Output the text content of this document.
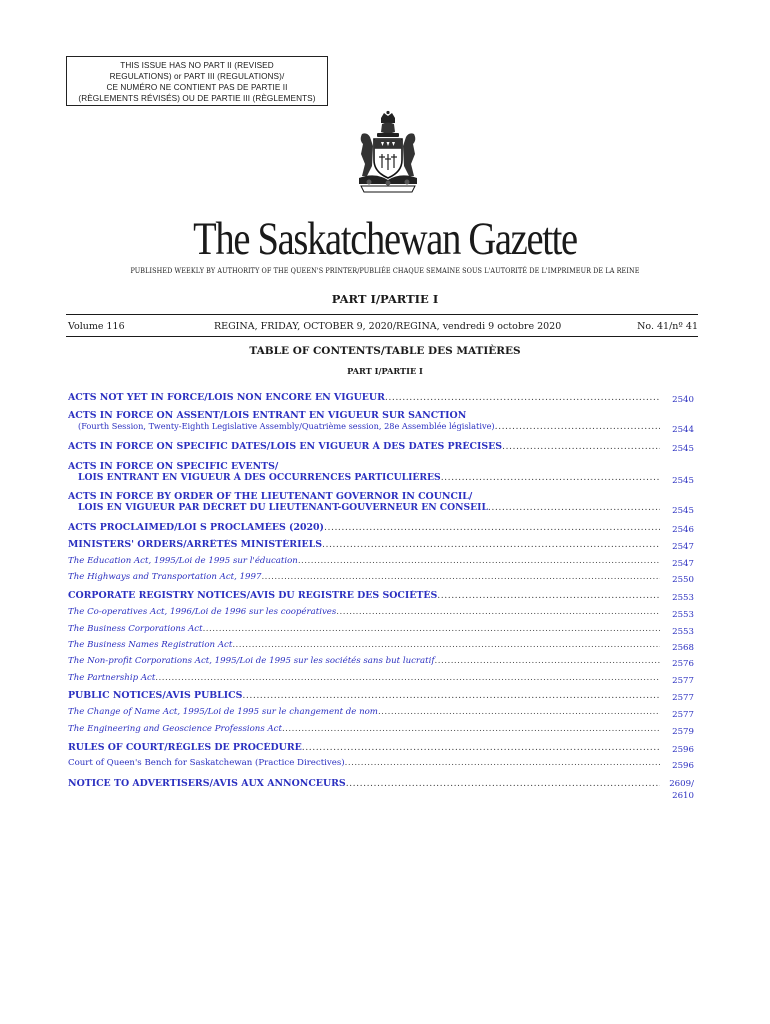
THIS ISSUE HAS NO PART II (REVISED
REGULATIONS) or PART III (REGULATIONS)/
CE NUMÉRO NE CONTIENT PAS DE PARTIE II
(RÈGLEMENTS RÉVISÉS) OU DE PARTIE III (RÈGLEMENTS)
The Saskatchewan Gazette
PUBLISHED WEEKLY BY AUTHORITY OF THE QUEEN'S PRINTER/PUBLIÉE CHAQUE SEMAINE SOUS L'AUTORITÉ DE L'IMPRIMEUR DE LA REINE
PART I/PARTIE I
Volume 116	REGINA, FRIDAY, OCTOBER 9, 2020/REGINA, vendredi 9 octobre 2020	No. 41/nº 41
TABLE OF CONTENTS/TABLE DES MATIÈRES
PART I/PARTIE I
ACTS NOT YET IN FORCE/LOIS NON ENCORE EN VIGUEUR .....	2540
ACTS IN FORCE ON ASSENT/LOIS ENTRANT EN VIGUEUR SUR SANCTION
(Fourth Session, Twenty-Eighth Legislative Assembly/Quatrième session, 28e Assemblée législative) .....	2544
ACTS IN FORCE ON SPECIFIC DATES/LOIS EN VIGUEUR À DES DATES PRÉCISES .....	2545
ACTS IN FORCE ON SPECIFIC EVENTS/
LOIS ENTRANT EN VIGUEUR À DES OCCURRENCES PARTICULIÈRES .....	2545
ACTS IN FORCE BY ORDER OF THE LIEUTENANT GOVERNOR IN COUNCIL/
LOIS EN VIGUEUR PAR DÉCRET DU LIEUTENANT-GOUVERNEUR EN CONSEIL .....	2545
ACTS PROCLAIMED/LOI S PROCLAMÉES (2020) .....	2546
MINISTERS' ORDERS/ARRÊTÉS MINISTÉRIELS .....	2547
The Education Act, 1995/Loi de 1995 sur l'éducation .....	2547
The Highways and Transportation Act, 1997 .....	2550
CORPORATE REGISTRY NOTICES/AVIS DU REGISTRE DES SOCIÉTÉS .....	2553
The Co-operatives Act, 1996/Loi de 1996 sur les coopératives .....	2553
The Business Corporations Act .....	2553
The Business Names Registration Act .....	2568
The Non-profit Corporations Act, 1995/Loi de 1995 sur les sociétés sans but lucratif .....	2576
The Partnership Act .....	2577
PUBLIC NOTICES/AVIS PUBLICS .....	2577
The Change of Name Act, 1995/Loi de 1995 sur le changement de nom .....	2577
The Engineering and Geoscience Professions Act .....	2579
RULES OF COURT/RÈGLES DE PROCÉDURE .....	2596
Court of Queen's Bench for Saskatchewan (Practice Directives) .....	2596
NOTICE TO ADVERTISERS/AVIS AUX ANNONCEURS .....	2609/
2610
